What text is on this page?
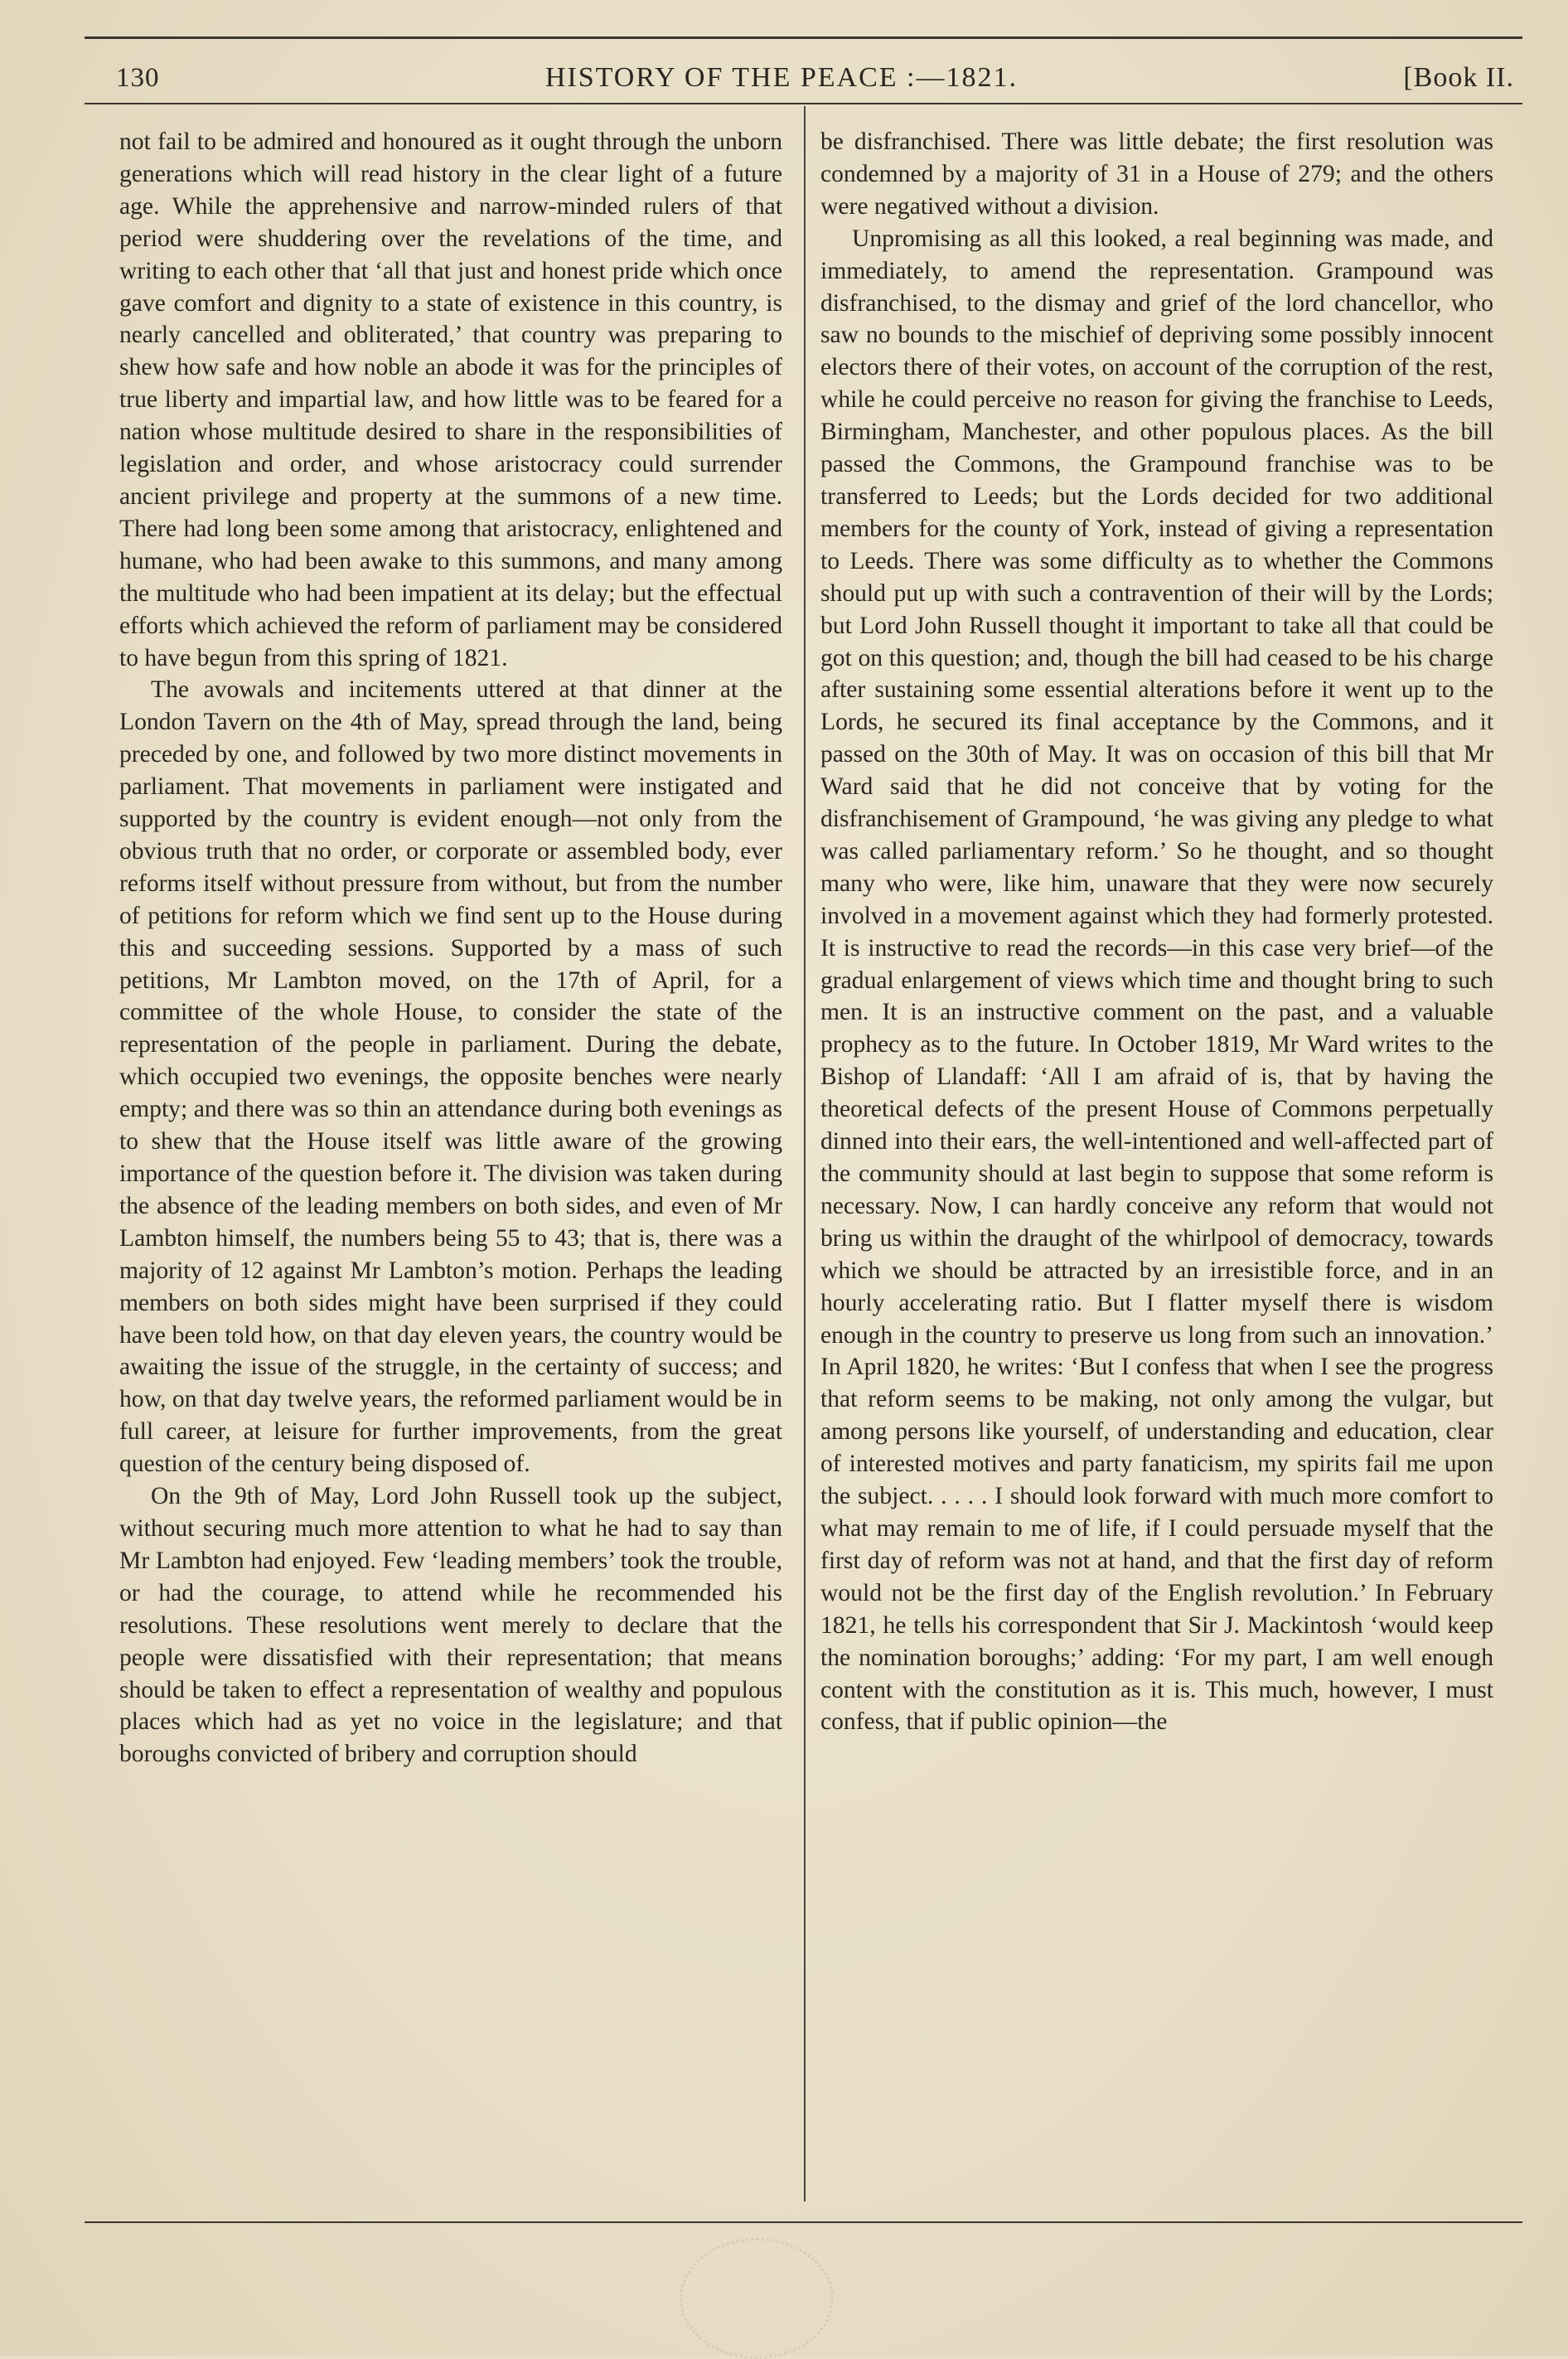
130	HISTORY OF THE PEACE :—1821.	[Book II.

not fail to be admired and honoured as it ought through the unborn generations which will read history in the clear light of a future age. While the apprehensive and narrow-minded rulers of that period were shuddering over the revelations of the time, and writing to each other that ‘all that just and honest pride which once gave comfort and dignity to a state of existence in this country, is nearly cancelled and obliterated,’ that country was preparing to shew how safe and how noble an abode it was for the principles of true liberty and impartial law, and how little was to be feared for a nation whose multitude desired to share in the responsibilities of legislation and order, and whose aristocracy could surrender ancient privilege and property at the summons of a new time. There had long been some among that aristocracy, enlightened and humane, who had been awake to this summons, and many among the multitude who had been impatient at its delay; but the effectual efforts which achieved the reform of parliament may be considered to have begun from this spring of 1821.

The avowals and incitements uttered at that dinner at the London Tavern on the 4th of May, spread through the land, being preceded by one, and followed by two more distinct movements in parliament. That movements in parliament were instigated and supported by the country is evident enough—not only from the obvious truth that no order, or corporate or assembled body, ever reforms itself without pressure from without, but from the number of petitions for reform which we find sent up to the House during this and succeeding sessions. Supported by a mass of such petitions, Mr Lambton moved, on the 17th of April, for a committee of the whole House, to consider the state of the representation of the people in parliament. During the debate, which occupied two evenings, the opposite benches were nearly empty; and there was so thin an attendance during both evenings as to shew that the House itself was little aware of the growing importance of the question before it. The division was taken during the absence of the leading members on both sides, and even of Mr Lambton himself, the numbers being 55 to 43; that is, there was a majority of 12 against Mr Lambton’s motion. Perhaps the leading members on both sides might have been surprised if they could have been told how, on that day eleven years, the country would be awaiting the issue of the struggle, in the certainty of success; and how, on that day twelve years, the reformed parliament would be in full career, at leisure for further improvements, from the great question of the century being disposed of.

On the 9th of May, Lord John Russell took up the subject, without securing much more attention to what he had to say than Mr Lambton had enjoyed. Few ‘leading members’ took the trouble, or had the courage, to attend while he recommended his resolutions. These resolutions went merely to declare that the people were dissatisfied with their representation; that means should be taken to effect a representation of wealthy and populous places which had as yet no voice in the legislature; and that boroughs convicted of bribery and corruption should

be disfranchised. There was little debate; the first resolution was condemned by a majority of 31 in a House of 279; and the others were negatived without a division.

Unpromising as all this looked, a real beginning was made, and immediately, to amend the representation. Grampound was disfranchised, to the dismay and grief of the lord chancellor, who saw no bounds to the mischief of depriving some possibly innocent electors there of their votes, on account of the corruption of the rest, while he could perceive no reason for giving the franchise to Leeds, Birmingham, Manchester, and other populous places. As the bill passed the Commons, the Grampound franchise was to be transferred to Leeds; but the Lords decided for two additional members for the county of York, instead of giving a representation to Leeds. There was some difficulty as to whether the Commons should put up with such a contravention of their will by the Lords; but Lord John Russell thought it important to take all that could be got on this question; and, though the bill had ceased to be his charge after sustaining some essential alterations before it went up to the Lords, he secured its final acceptance by the Commons, and it passed on the 30th of May. It was on occasion of this bill that Mr Ward said that he did not conceive that by voting for the disfranchisement of Grampound, ‘he was giving any pledge to what was called parliamentary reform.’ So he thought, and so thought many who were, like him, unaware that they were now securely involved in a movement against which they had formerly protested. It is instructive to read the records—in this case very brief—of the gradual enlargement of views which time and thought bring to such men. It is an instructive comment on the past, and a valuable prophecy as to the future. In October 1819, Mr Ward writes to the Bishop of Llandaff: ‘All I am afraid of is, that by having the theoretical defects of the present House of Commons perpetually dinned into their ears, the well-intentioned and well-affected part of the community should at last begin to suppose that some reform is necessary. Now, I can hardly conceive any reform that would not bring us within the draught of the whirlpool of democracy, towards which we should be attracted by an irresistible force, and in an hourly accelerating ratio. But I flatter myself there is wisdom enough in the country to preserve us long from such an innovation.’ In April 1820, he writes: ‘But I confess that when I see the progress that reform seems to be making, not only among the vulgar, but among persons like yourself, of understanding and education, clear of interested motives and party fanaticism, my spirits fail me upon the subject. . . . . I should look forward with much more comfort to what may remain to me of life, if I could persuade myself that the first day of reform was not at hand, and that the first day of reform would not be the first day of the English revolution.’ In February 1821, he tells his correspondent that Sir J. Mackintosh ‘would keep the nomination boroughs;’ adding: ‘For my part, I am well enough content with the constitution as it is. This much, however, I must confess, that if public opinion—the
